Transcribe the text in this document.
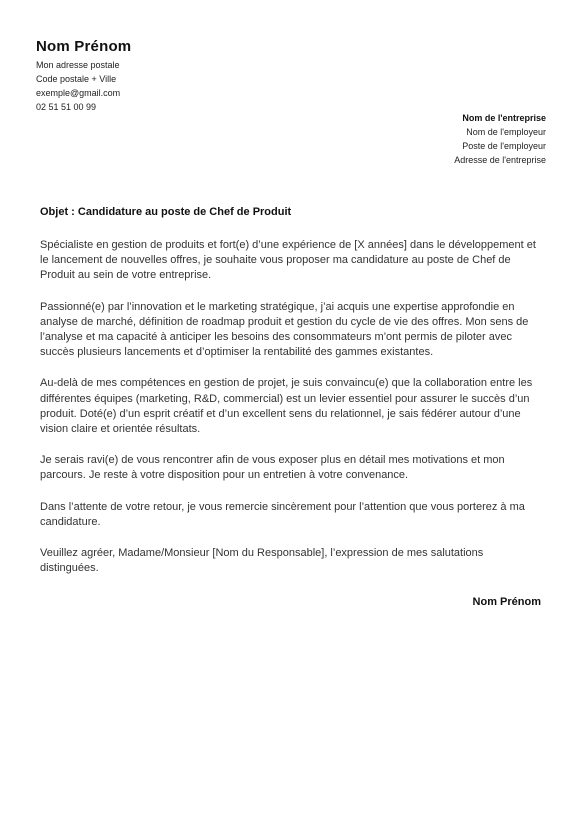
Nom Prénom
Mon adresse postale
Code postale + Ville
exemple@gmail.com
02 51 51 00 99
Nom de l'entreprise
Nom de l'employeur
Poste de l'employeur
Adresse de l'entreprise
Objet : Candidature au poste de Chef de Produit

Spécialiste en gestion de produits et fort(e) d’une expérience de [X années] dans le développement et le lancement de nouvelles offres, je souhaite vous proposer ma candidature au poste de Chef de Produit au sein de votre entreprise.

Passionné(e) par l’innovation et le marketing stratégique, j’ai acquis une expertise approfondie en analyse de marché, définition de roadmap produit et gestion du cycle de vie des offres. Mon sens de l’analyse et ma capacité à anticiper les besoins des consommateurs m’ont permis de piloter avec succès plusieurs lancements et d’optimiser la rentabilité des gammes existantes.

Au-delà de mes compétences en gestion de projet, je suis convaincu(e) que la collaboration entre les différentes équipes (marketing, R&D, commercial) est un levier essentiel pour assurer le succès d’un produit. Doté(e) d’un esprit créatif et d’un excellent sens du relationnel, je sais fédérer autour d’une vision claire et orientée résultats.

Je serais ravi(e) de vous rencontrer afin de vous exposer plus en détail mes motivations et mon parcours. Je reste à votre disposition pour un entretien à votre convenance.

Dans l’attente de votre retour, je vous remercie sincèrement pour l’attention que vous porterez à ma candidature.

Veuillez agréer, Madame/Monsieur [Nom du Responsable], l’expression de mes salutations distinguées.

Nom Prénom
